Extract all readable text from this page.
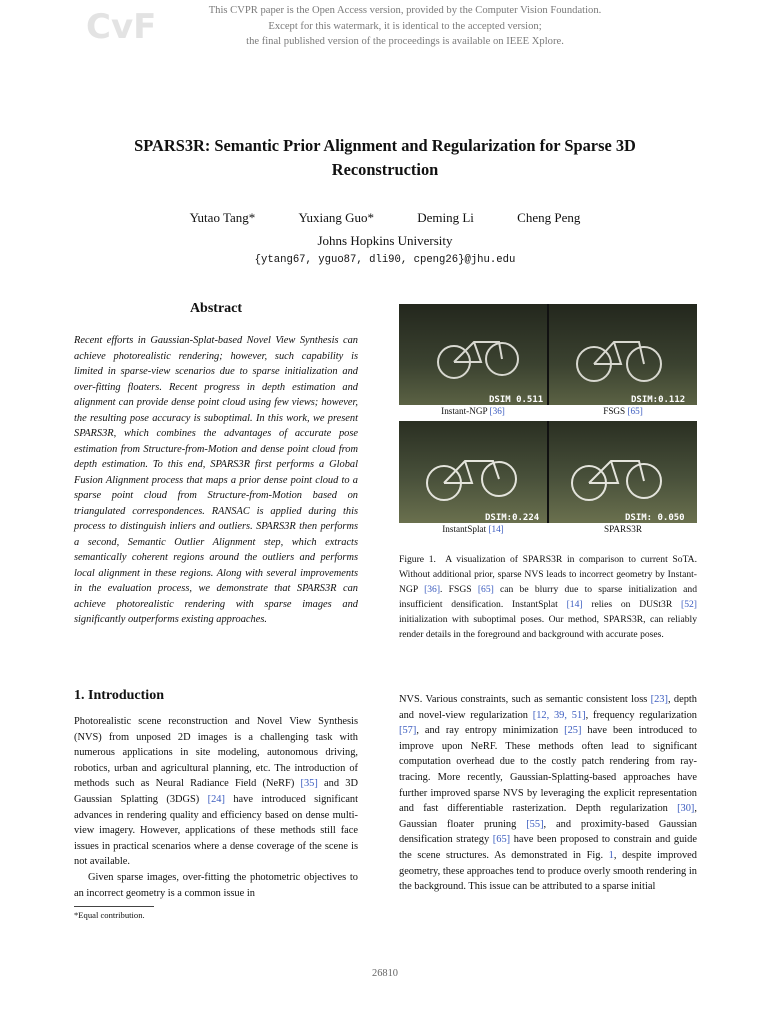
CvF	This CVPR paper is the Open Access version, provided by the Computer Vision Foundation.
Except for this watermark, it is identical to the accepted version;
the final published version of the proceedings is available on IEEE Xplore.
SPARS3R: Semantic Prior Alignment and Regularization for Sparse 3D
Reconstruction
Yutao Tang*	Yuxiang Guo*	Deming Li	Cheng Peng
Johns Hopkins University
{ytang67, yguo87, dli90, cpeng26}@jhu.edu
Abstract
Recent efforts in Gaussian-Splat-based Novel View Synthesis can achieve photorealistic rendering; however, such capability is limited in sparse-view scenarios due to sparse initialization and over-fitting floaters. Recent progress in depth estimation and alignment can provide dense point cloud using few views; however, the resulting pose accuracy is suboptimal. In this work, we present SPARS3R, which combines the advantages of accurate pose estimation from Structure-from-Motion and dense point cloud from depth estimation. To this end, SPARS3R first performs a Global Fusion Alignment process that maps a prior dense point cloud to a sparse point cloud from Structure-from-Motion based on triangulated correspondences. RANSAC is applied during this process to distinguish inliers and outliers. SPARS3R then performs a second, Semantic Outlier Alignment step, which extracts semantically coherent regions around the outliers and performs local alignment in these regions. Along with several improvements in the evaluation process, we demonstrate that SPARS3R can achieve photorealistic rendering with sparse images and significantly outperforms existing approaches.
DSIM 0.511	DSIM:0.112
Instant-NGP [36]	FSGS [65]
DSIM:0.224	DSIM: 0.050
InstantSplat [14]	SPARS3R
Figure 1. A visualization of SPARS3R in comparison to current SoTA. Without additional prior, sparse NVS leads to incorrect geometry by Instant-NGP [36]. FSGS [65] can be blurry due to sparse initialization and insufficient densification. InstantSplat [14] relies on DUSt3R [52] initialization with suboptimal poses. Our method, SPARS3R, can reliably render details in the foreground and background with accurate poses.
1. Introduction

Photorealistic scene reconstruction and Novel View Synthesis (NVS) from unposed 2D images is a challenging task with numerous applications in site modeling, autonomous driving, robotics, urban and agricultural planning, etc. The introduction of methods such as Neural Radiance Field (NeRF) [35] and 3D Gaussian Splatting (3DGS) [24] have introduced significant advances in rendering quality and efficiency based on dense multi-view imagery. However, applications of these methods still face issues in practical scenarios where a dense coverage of the scene is not available.

Given sparse images, over-fitting the photometric objectives to an incorrect geometry is a common issue in

NVS. Various constraints, such as semantic consistent loss [23], depth and novel-view regularization [12, 39, 51], frequency regularization [57], and ray entropy minimization [25] have been introduced to improve upon NeRF. These methods often lead to significant computation overhead due to the costly patch rendering from ray-tracing. More recently, Gaussian-Splatting-based approaches have further improved sparse NVS by leveraging the explicit representation and fast differentiable rasterization. Depth regularization [30], Gaussian floater pruning [55], and proximity-based Gaussian densification strategy [65] have been proposed to constrain and guide the scene structures. As demonstrated in Fig. 1, despite improved geometry, these approaches tend to produce overly smooth rendering in the background. This issue can be attributed to a sparse initial

*Equal contribution.
26810
